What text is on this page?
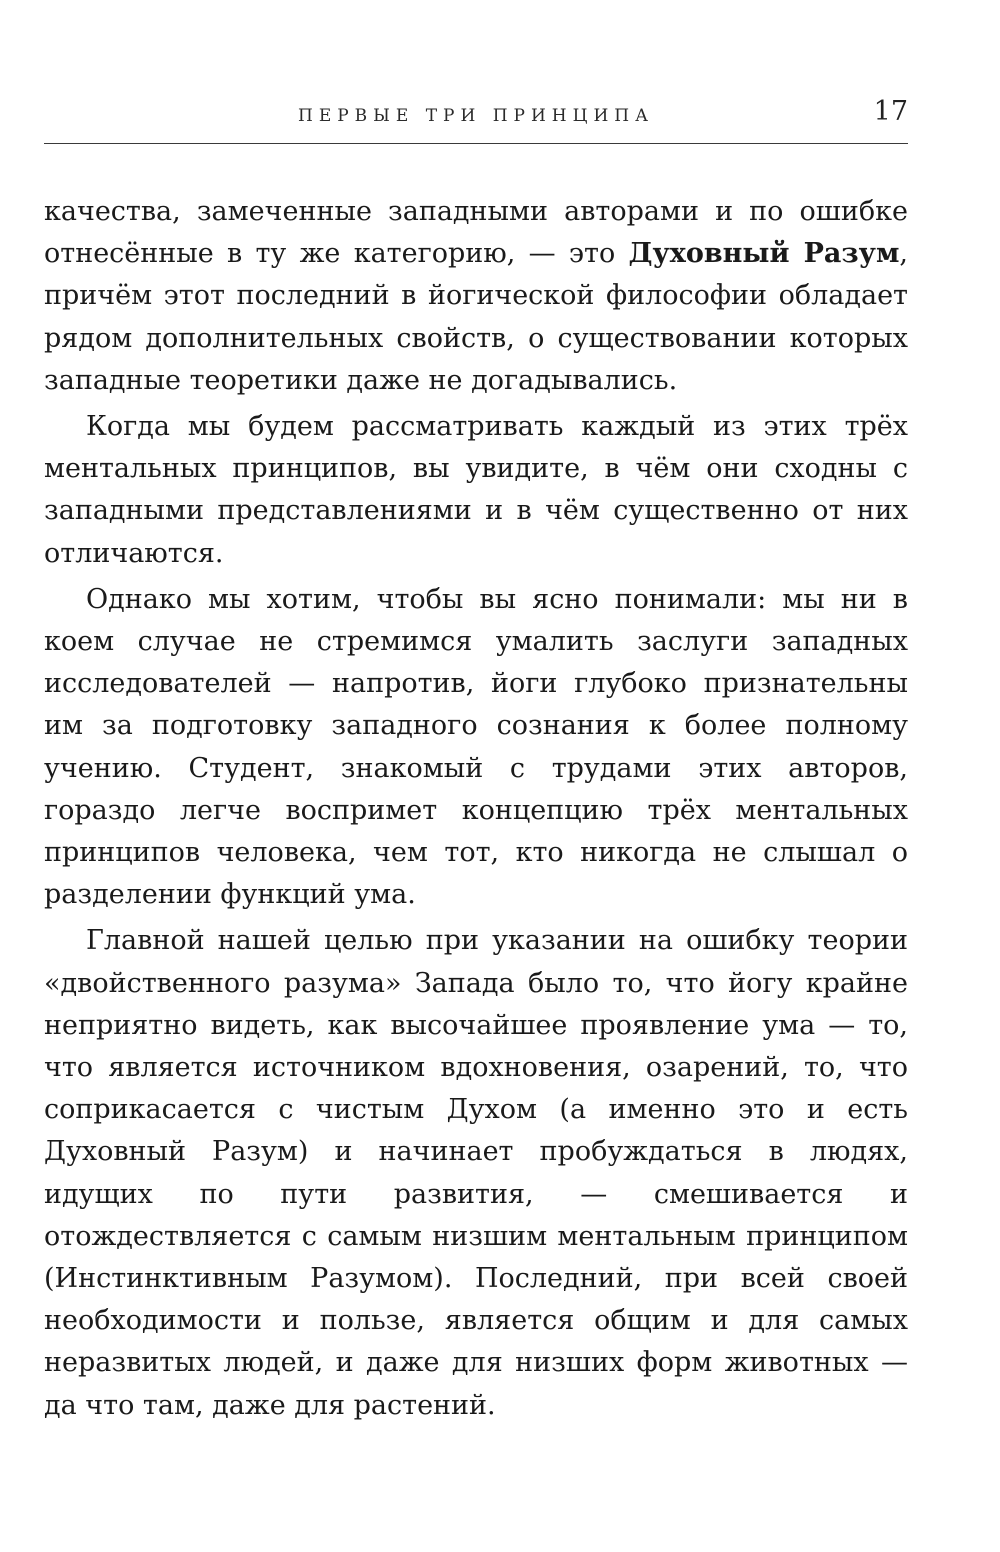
ПЕРВЫЕ ТРИ ПРИНЦИПА	17

качества, замеченные западными авторами и по ошибке отнесённые в ту же категорию, — это Духовный Разум, причём этот последний в йогической философии обладает рядом дополнительных свойств, о существовании которых западные теоретики даже не догадывались.

Когда мы будем рассматривать каждый из этих трёх ментальных принципов, вы увидите, в чём они сходны с западными представлениями и в чём существенно от них отличаются.

Однако мы хотим, чтобы вы ясно понимали: мы ни в коем случае не стремимся умалить заслуги западных исследователей — напротив, йоги глубоко признательны им за подготовку западного сознания к более полному учению. Студент, знакомый с трудами этих авторов, гораздо легче воспримет концепцию трёх ментальных принципов человека, чем тот, кто никогда не слышал о разделении функций ума.

Главной нашей целью при указании на ошибку теории «двойственного разума» Запада было то, что йогу крайне неприятно видеть, как высочайшее проявление ума — то, что является источником вдохновения, озарений, то, что соприкасается с чистым Духом (а именно это и есть Духовный Разум) и начинает пробуждаться в людях, идущих по пути развития, — смешивается и отождествляется с самым низшим ментальным принципом (Инстинктивным Разумом). Последний, при всей своей необходимости и пользе, является общим и для самых неразвитых людей, и даже для низших форм животных — да что там, даже для растений.
